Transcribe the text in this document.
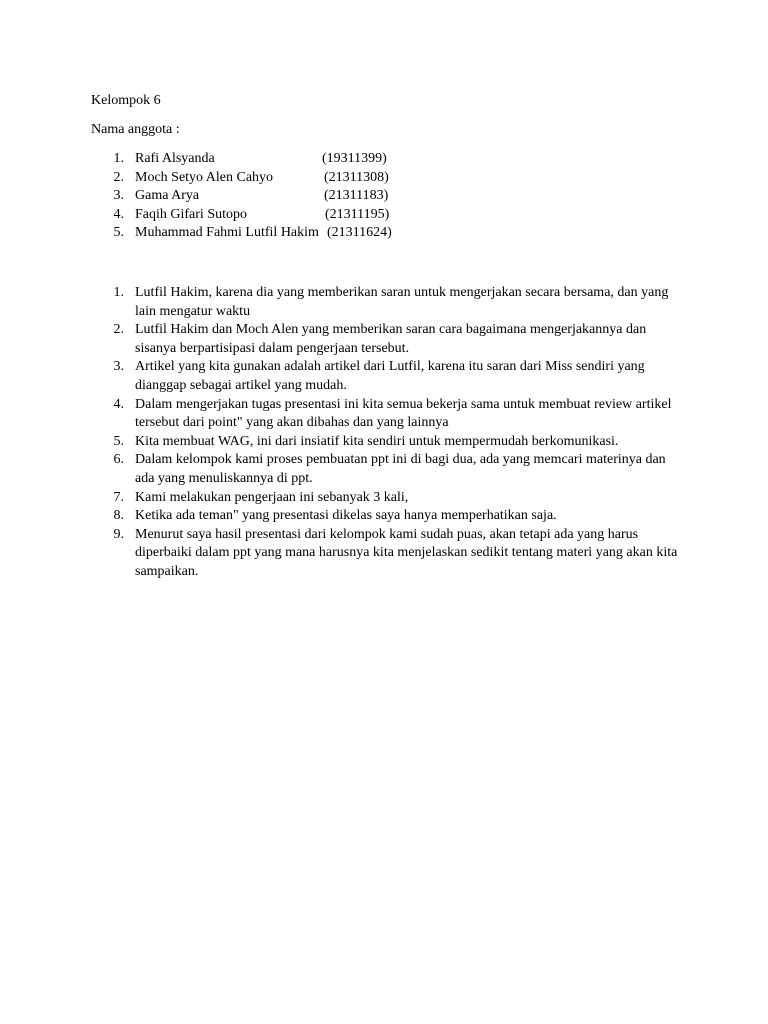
Kelompok 6

Nama anggota :

1. Rafi Alsyanda	(19311399)
2. Moch Setyo Alen Cahyo	(21311308)
3. Gama Arya	(21311183)
4. Faqih Gifari Sutopo	(21311195)
5. Muhammad Fahmi Lutfil Hakim (21311624)
1. Lutfil Hakim, karena dia yang memberikan saran untuk mengerjakan secara bersama, dan yang lain mengatur waktu
2. Lutfil Hakim dan Moch Alen yang memberikan saran cara bagaimana mengerjakannya dan sisanya berpartisipasi dalam pengerjaan tersebut.
3. Artikel yang kita gunakan adalah artikel dari Lutfil, karena itu saran dari Miss sendiri yang dianggap sebagai artikel yang mudah.
4. Dalam mengerjakan tugas presentasi ini kita semua bekerja sama untuk membuat review artikel tersebut dari point" yang akan dibahas dan yang lainnya
5. Kita membuat WAG, ini dari insiatif kita sendiri untuk mempermudah berkomunikasi.
6. Dalam kelompok kami proses pembuatan ppt ini di bagi dua, ada yang memcari materinya dan ada yang menuliskannya di ppt.
7. Kami melakukan pengerjaan ini sebanyak 3 kali,
8. Ketika ada teman" yang presentasi dikelas saya hanya memperhatikan saja.
9. Menurut saya hasil presentasi dari kelompok kami sudah puas, akan tetapi ada yang harus diperbaiki dalam ppt yang mana harusnya kita menjelaskan sedikit tentang materi yang akan kita sampaikan.
